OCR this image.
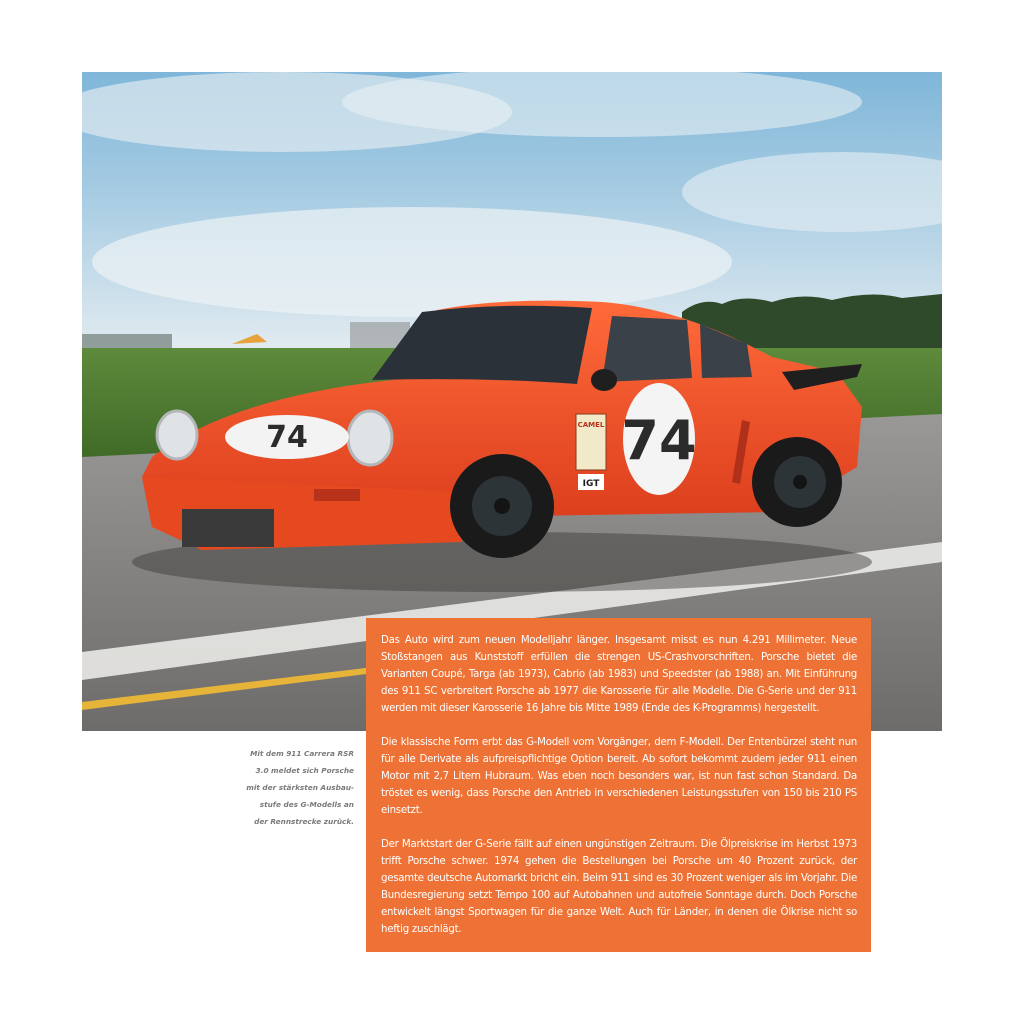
74	74
CAMEL
IGT
Mit dem 911 Carrera RSR
3.0 meldet sich Porsche
mit der stärksten Ausbau-
stufe des G-Modells an
der Rennstrecke zurück.

Das Auto wird zum neuen Modelljahr länger. Insgesamt misst es nun 4.291 Millimeter. Neue Stoßstangen aus Kunststoff erfüllen die strengen US-Crashvorschriften. Porsche bietet die Varianten Coupé, Targa (ab 1973), Cabrio (ab 1983) und Speedster (ab 1988) an. Mit Einführung des 911 SC verbreitert Porsche ab 1977 die Karosserie für alle Modelle. Die G-Serie und der 911 werden mit dieser Karosserie 16 Jahre bis Mitte 1989 (Ende des K-Programms) hergestellt.

Die klassische Form erbt das G-Modell vom Vorgänger, dem F-Modell. Der Entenbürzel steht nun für alle Derivate als aufpreispflichtige Option bereit. Ab sofort bekommt zudem jeder 911 einen Motor mit 2,7 Litern Hubraum. Was eben noch besonders war, ist nun fast schon Standard. Da tröstet es wenig, dass Porsche den Antrieb in verschiedenen Leistungsstufen von 150 bis 210 PS einsetzt.

Der Marktstart der G-Serie fällt auf einen ungünstigen Zeitraum. Die Ölpreiskrise im Herbst 1973 trifft Porsche schwer. 1974 gehen die Bestellungen bei Porsche um 40 Prozent zurück, der gesamte deutsche Automarkt bricht ein. Beim 911 sind es 30 Prozent weniger als im Vorjahr. Die Bundesregierung setzt Tempo 100 auf Autobahnen und autofreie Sonntage durch. Doch Porsche entwickelt längst Sportwagen für die ganze Welt. Auch für Länder, in denen die Ölkrise nicht so heftig zuschlägt.
